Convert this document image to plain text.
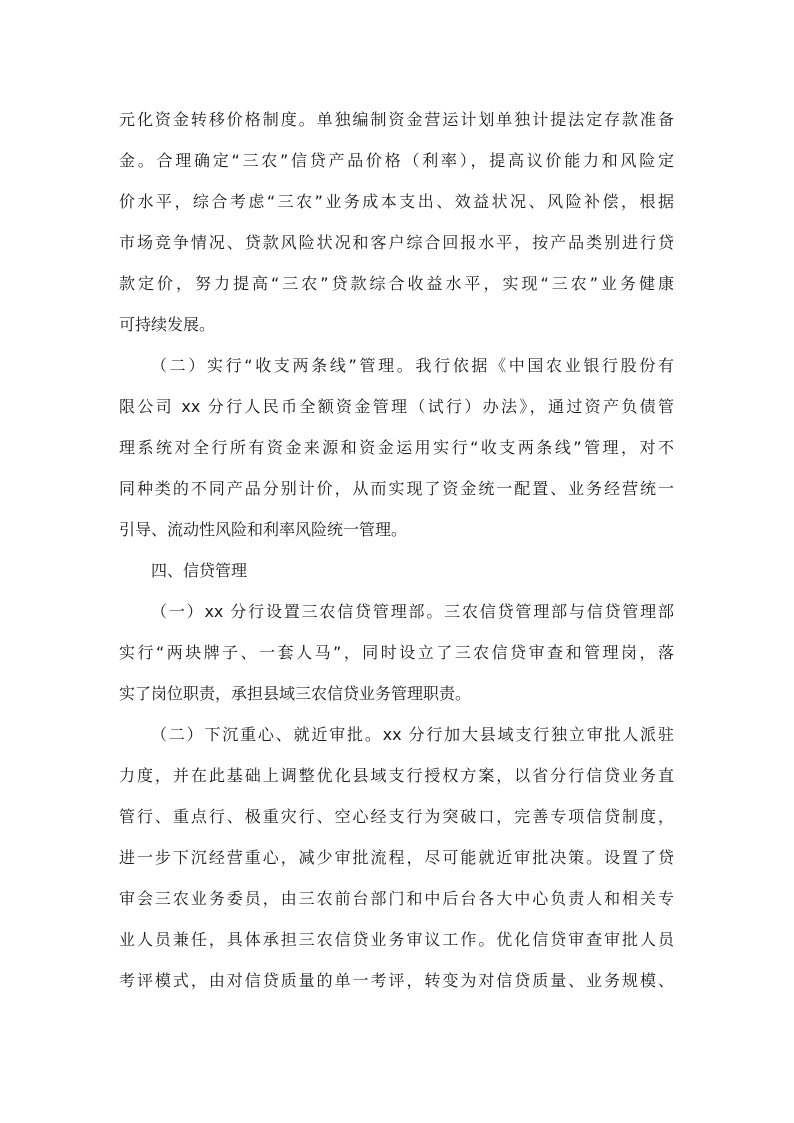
元化资金转移价格制度。单独编制资金营运计划单独计提法定存款准备
金。合理确定“三农”信贷产品价格（利率），提高议价能力和风险定
价水平，综合考虑“三农”业务成本支出、效益状况、风险补偿，根据
市场竞争情况、贷款风险状况和客户综合回报水平，按产品类别进行贷
款定价，努力提高“三农”贷款综合收益水平，实现“三农”业务健康
可持续发展。
（二）实行“收支两条线”管理。我行依据《中国农业银行股份有
限公司 xx 分行人民币全额资金管理（试行）办法》，通过资产负债管
理系统对全行所有资金来源和资金运用实行“收支两条线”管理，对不
同种类的不同产品分别计价，从而实现了资金统一配置、业务经营统一
引导、流动性风险和利率风险统一管理。
四、信贷管理
（一）xx 分行设置三农信贷管理部。三农信贷管理部与信贷管理部
实行“两块牌子、一套人马”，同时设立了三农信贷审查和管理岗，落
实了岗位职责，承担县域三农信贷业务管理职责。
（二）下沉重心、就近审批。xx 分行加大县域支行独立审批人派驻
力度，并在此基础上调整优化县域支行授权方案，以省分行信贷业务直
管行、重点行、极重灾行、空心经支行为突破口，完善专项信贷制度，
进一步下沉经营重心，减少审批流程，尽可能就近审批决策。设置了贷
审会三农业务委员，由三农前台部门和中后台各大中心负责人和相关专
业人员兼任，具体承担三农信贷业务审议工作。优化信贷审查审批人员
考评模式，由对信贷质量的单一考评，转变为对信贷质量、业务规模、
